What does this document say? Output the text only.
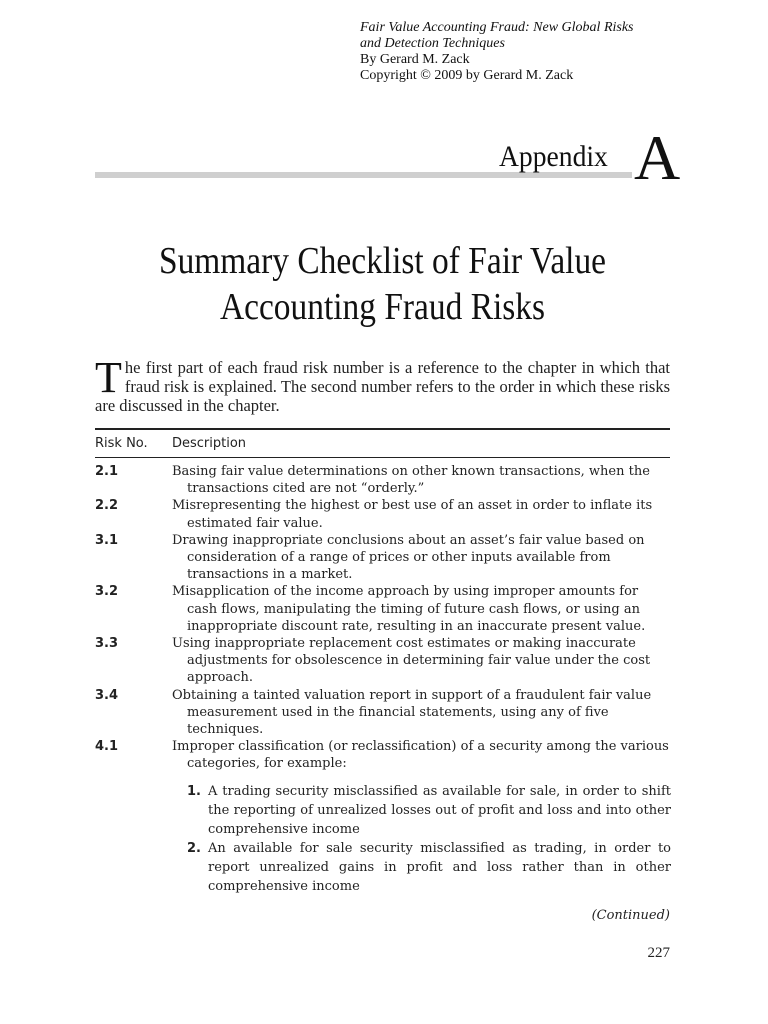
Fair Value Accounting Fraud: New Global Risks
and Detection Techniques
By Gerard M. Zack
Copyright © 2009 by Gerard M. Zack
Appendix A
Summary Checklist of Fair Value
Accounting Fraud Risks
The first part of each fraud risk number is a reference to the chapter in which that fraud risk is explained. The second number refers to the order in which these risks are discussed in the chapter.
Risk No. Description
2.1	Basing fair value determinations on other known transactions, when the transactions cited are not “orderly.”
2.2	Misrepresenting the highest or best use of an asset in order to inflate its estimated fair value.
3.1	Drawing inappropriate conclusions about an asset’s fair value based on consideration of a range of prices or other inputs available from transactions in a market.
3.2	Misapplication of the income approach by using improper amounts for cash flows, manipulating the timing of future cash flows, or using an inappropriate discount rate, resulting in an inaccurate present value.
3.3	Using inappropriate replacement cost estimates or making inaccurate adjustments for obsolescence in determining fair value under the cost approach.
3.4	Obtaining a tainted valuation report in support of a fraudulent fair value measurement used in the financial statements, using any of five techniques.
4.1	Improper classification (or reclassification) of a security among the various categories, for example:
1. A trading security misclassified as available for sale, in order to shift the reporting of unrealized losses out of profit and loss and into other comprehensive income
2. An available for sale security misclassified as trading, in order to report unrealized gains in profit and loss rather than in other comprehensive income
(Continued)
227
